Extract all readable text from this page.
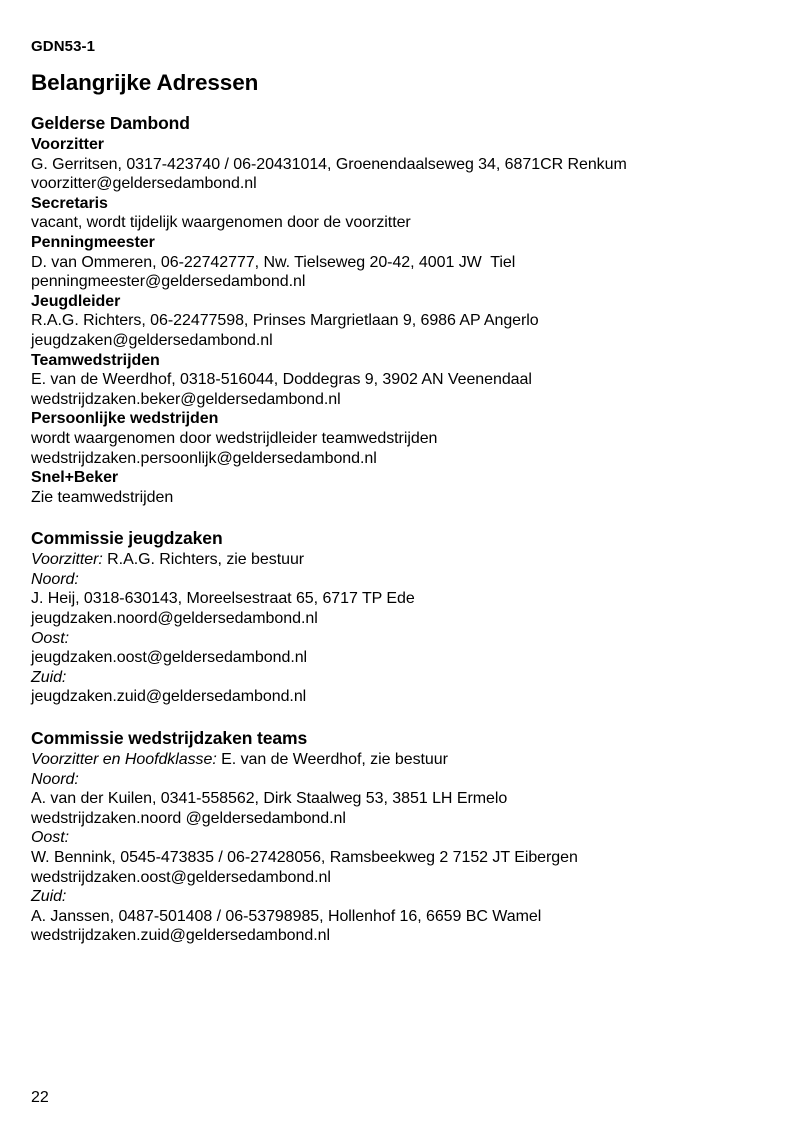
GDN53-1
Belangrijke Adressen
Gelderse Dambond
Voorzitter
G. Gerritsen, 0317-423740 / 06-20431014, Groenendaalseweg 34, 6871CR Renkum
voorzitter@geldersedambond.nl
Secretaris
vacant, wordt tijdelijk waargenomen door de voorzitter
Penningmeester
D. van Ommeren, 06-22742777, Nw. Tielseweg 20-42, 4001 JW  Tiel
penningmeester@geldersedambond.nl
Jeugdleider
R.A.G. Richters, 06-22477598, Prinses Margrietlaan 9, 6986 AP Angerlo
jeugdzaken@geldersedambond.nl
Teamwedstrijden
E. van de Weerdhof, 0318-516044, Doddegras 9, 3902 AN Veenendaal
wedstrijdzaken.beker@geldersedambond.nl
Persoonlijke wedstrijden
wordt waargenomen door wedstrijdleider teamwedstrijden
wedstrijdzaken.persoonlijk@geldersedambond.nl
Snel+Beker
Zie teamwedstrijden
Commissie jeugdzaken
Voorzitter: R.A.G. Richters, zie bestuur
Noord:
J. Heij, 0318-630143, Moreelsestraat 65, 6717 TP Ede
jeugdzaken.noord@geldersedambond.nl
Oost:
jeugdzaken.oost@geldersedambond.nl
Zuid:
jeugdzaken.zuid@geldersedambond.nl
Commissie wedstrijdzaken teams
Voorzitter en Hoofdklasse: E. van de Weerdhof, zie bestuur
Noord:
A. van der Kuilen, 0341-558562, Dirk Staalweg 53, 3851 LH Ermelo
wedstrijdzaken.noord @geldersedambond.nl
Oost:
W. Bennink, 0545-473835 / 06-27428056, Ramsbeekweg 2 7152 JT Eibergen
wedstrijdzaken.oost@geldersedambond.nl
Zuid:
A. Janssen, 0487-501408 / 06-53798985, Hollenhof 16, 6659 BC Wamel
wedstrijdzaken.zuid@geldersedambond.nl
22
